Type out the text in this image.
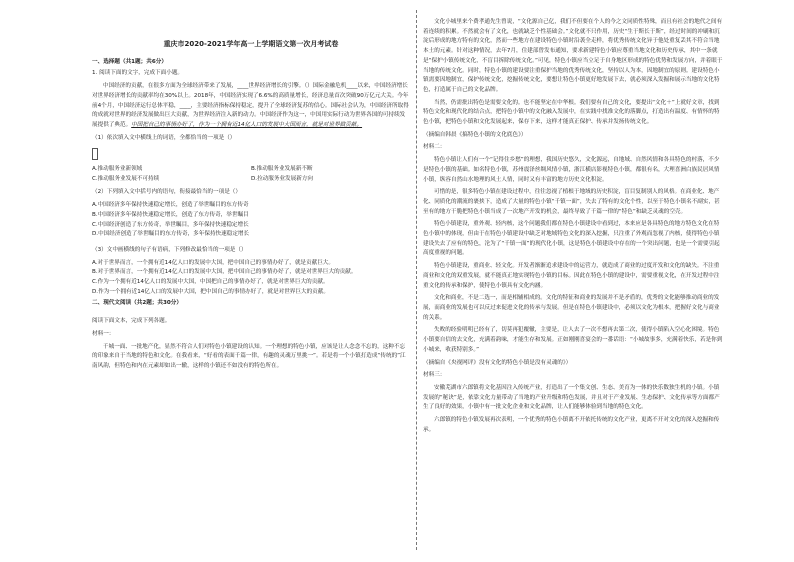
重庆市2020-2021学年高一上学期语文第一次月考试卷
一、选择题（共1题；共6分）

1. 阅读下面的文字，完成下面小题。

中国经济的贡献，在很多方面为全球经济带来了发展，____世界经济增长的引擎。（）国际金融危机____以来，中国经济增长对世界经济增长的贡献率均在30%以上。2018年，中国经济实现了6.6%的高质量增长，经济总量首次突破90万亿元大关。今年前4个月，中国经济运行总体平稳，____，主要经济指标保持稳定，提升了全球经济复苏的信心。国际社会认为，中国经济所取得的成就对世界的经济发展做出巨大贡献，为世界经济注入新的动力。中国经济作为这一，中国用实际行动为世界各国的可持续发展提供了典范。中国把自己的事情办好了，作为一个拥有近14亿人口的发展中大国而言，就是对世界做贡献。

（1）依次填入文中横线上的词语，全都恰当的一项是（）

A.推动服务业新领域	B.推动服务业发展新不断
C.推动服务业发展不可持续	D.拉动服务业发展新方向

（2）下列填入文中括号内的语句，衔接最恰当的一项是（）

A.中国经济多年保持快速稳定增长，创造了举世瞩目的东方传奇
B.中国经济多年保持快速稳定增长，创造了东方传奇，举世瞩目
C.中国经济创造了东方传奇，举世瞩目，多年保持快速稳定增长
D.中国经济创造了举世瞩目的东方传奇，多年保持快速稳定增长

（3）文中画横线的句子有语病，下列修改最恰当的一项是（）

A.对于世界而言，一个拥有近14亿人口的发展中大国，把中国自己的事情办好了，就是贡献巨大。
B.对于世界而言，一个拥有近14亿人口的发展中大国，把中国自己的事情办好了，就是对世界巨大的贡献。
C.作为一个拥有近14亿人口的发展中大国，中国把自己的事情办好了，就是对世界巨大的贡献。
D.作为一个拥有近14亿人口的发展中大国，把中国自己的事情办好了，就是对世界巨大的贡献。
二、现代文阅读（共2题；共30分）

阅读下面文本，完成下列各题。

材料一：

千城一面、一批地产化，显然不符合人们对特色小镇建设的认知。一个理想的特色小镇，应该是让人念念不忘的，这种不忘的印象来自于当地的特色和文化。在我看来，“好看的表面千篇一律，有趣的灵魂万里挑一”。若是将一个小镇打造成“传统的”江南风韵，但特色和内在元素却如出一辙，这样的小镇还不如没有的特色所在。

文化小城里来个费孝通先生曾说，“文化源自己亿，我们不但要在个人的今之文同质性特殊，而且有社会的地代之间有着连续的积累。不然就会有了文化，也就缺乏个性基础会。”文化就不只作用，历史“生于斯长于斯”，经过时间的冲刷和沉淀后形成的地方特有的文化，然而一些地方在建设特色小镇时沿袭全走样，将优秀传统文化异于他处重复丢其不符合当地本土的元素。针对这种情况，去年7月，住建部曾发布通知，要求新建特色小镇应尊重当地文化和历史传承，其中一条就是“保护小镇传统文化，不盲目拆除传统文化。”可见，特色小镇应当立足于自身地区形成的特色优势和发展方向，并着眼于当地的传统文化。同时，特色小镇的建设要注重保护当地的优秀传统文化，坚持以人为本，因地制宜的原则。建设特色小镇需要因地制宜，保护传统文化，挖掘传统文化，要想让特色小镇更好地发展下去，就必须深入发掘和展示当地的文化特色，打造属于自己的文化品牌。

当然，仍需批出特色是需要文化的。也不能坚定在中华根。我们要有自己的文化，要提出“文化＋”上就好文章，找到特色文化和现代化的结合点，把特色小镇中的文化融入发展中，在实践中找准文化的落脚点，打造出有温度、有情怀的特色小镇，把特色小镇和文化发展起来，保存下来，这样才能真正保护、传承并发扬传统文化。

（摘编自韩晨《搞特色小镇的文化底色》）

材料二：

特色小镇让人们有一个“记得住乡愁”的理想，我国历史悠久，文化源远，自地域、自然风情和各具特色的村落，不少是特色小镇的基础。如名特色小镇，苏州震泽丝绸风情小镇，浙江横店影视特色小镇，都很有名，大理喜洲白族民居风情小镇，纵容自然山水地理的风土人情，同时又有丰富的地方历史文化积淀。

可惜的是，很多特色小镇在建设过程中，往往忽视了植根于地域的历史积淀，盲目复制别人的风格。在商业化、地产化、同质化的潮流的裹挟下，造成了大量的特色小镇“千镇一面”，失去了特有的文化个性，以至于特色小镇名不副实，甚至有的地方干脆把特色小镇当成了一次地产开发的机会，最终导致了千篇一律的“特色”和缺乏灵魂的空壳。

特色小镇建设，重外观、轻内核，这个问题我们都在特色小镇建设中看到过，本来应是各具特色的地方特色文化在特色小镇中的体现，但由于在特色小镇建设中缺乏对地域特色文化的深入挖掘，只注重了外观而忽视了内核，使得特色小镇建设失去了应有的特色，沦为了“千镇一面”的现代化小镇，这是特色小镇建设中存在的一个突出问题，也是一个需要引起高度重视的问题。

特色小镇建设，重商业、轻文化。开发者渐渐追求建设中的运营力，就造成了商业的过度开发和文化的缺失。不注重商业和文化的双重发展，就不能真正地实现特色小镇的目标。因此在特色小镇的建设中，需要重视文化，在开发过程中注重文化的传承和保护，使特色小镇具有文化内涵。

文化和商业，不是二选一，而是相辅相成的。文化的特征和商业的发展并不是矛盾的，优秀的文化能够推动商业的发展，而商业的发展也可以反过来促进文化的传承与发展。但是在特色小镇建设中，必须以文化为根本，把握好文化与商业的关系。

失败的经验明明已经有了，切莫再犯覆辙，主要是，让人去了一次不想再去第二次，使得小镇陷入空心化困境。特色小镇要自信的去文化，充满着韵味，才能生存和发展。正如刚刚喜宴会的一番话语：“小城故事多，充满着快乐，若是你到小城来，收获特别多。”

（摘编自《央视网评》没有文化的特色小镇是没有灵魂的》）

材料三：

安徽芜湖市六郎镇将文化基因注入传统产业，打造出了一个集文创、生态、美育为一体的快乐数独生机的小镇。小镇发展的“秘诀”是，依靠文化力量带动了当地的产业升级和特色发展，并且对于产业发展、生态保护、文化传承等方面都产生了良好的效果，小镇中有一批文化企业和文化品牌，让人们能够体验到当地的特色文化。

六郎镇的特色小镇发展再次表明，一个优秀的特色小镇离不开依托传统的文化产业，更离不开对文化的深入挖掘和传承。
